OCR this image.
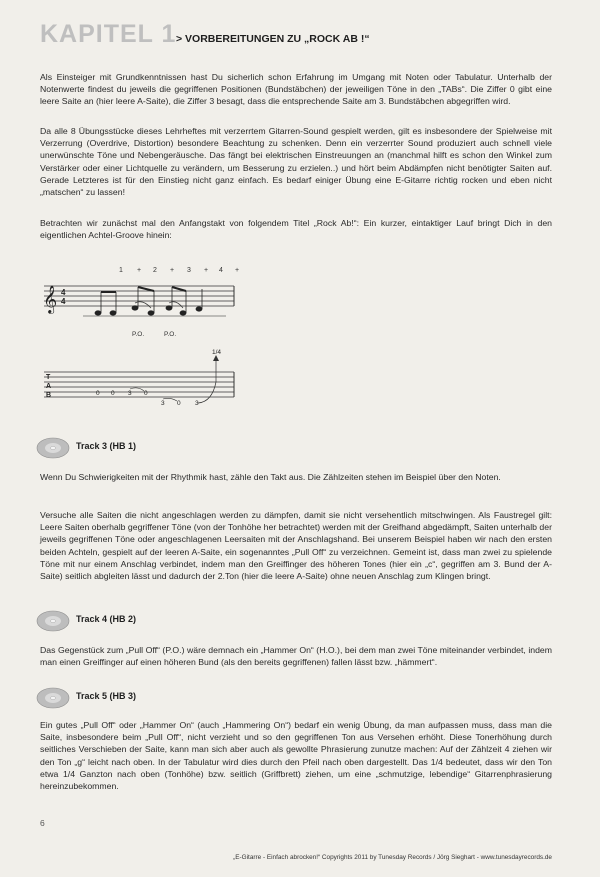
KAPITEL 1 > VORBEREITUNGEN ZU „ROCK AB !“

Als Einsteiger mit Grundkenntnissen hast Du sicherlich schon Erfahrung im Umgang mit Noten oder Tabulatur. Unterhalb der Notenwerte findest du jeweils die gegriffenen Positionen (Bundstäbchen) der jeweiligen Töne in den „TABs“. Die Ziffer 0 gibt eine leere Saite an (hier leere A-Saite), die Ziffer 3 besagt, dass die entsprechende Saite am 3. Bundstäbchen abgegriffen wird.

Da alle 8 Übungsstücke dieses Lehrheftes mit verzerrtem Gitarren-Sound gespielt werden, gilt es insbesondere der Spielweise mit Verzerrung (Overdrive, Distortion) besondere Beachtung zu schenken. Denn ein verzerrter Sound produziert auch schnell viele unerwünschte Töne und Nebengeräusche. Das fängt bei elektrischen Einstreuungen an (manchmal hilft es schon den Winkel zum Verstärker oder einer Lichtquelle zu verändern, um Besserung zu erzielen..) und hört beim Abdämpfen nicht benötigter Saiten auf. Gerade Letzteres ist für den Einstieg nicht ganz einfach. Es bedarf einiger Übung eine E-Gitarre richtig rocken und eben nicht „matschen“ zu lassen!

Betrachten wir zunächst mal den Anfangstakt von folgendem Titel „Rock Ab!“: Ein kurzer, eintaktiger Lauf bringt Dich in den eigentlichen Achtel-Groove hinein:

1 + 2 + 3 + 4 +
𝄞 4
4
P.O.	P.O.
T
A
B	0 0 3 0
3 0 3
1/4
Track 3 (HB 1)

Wenn Du Schwierigkeiten mit der Rhythmik hast, zähle den Takt aus. Die Zählzeiten stehen im Beispiel über den Noten.

Versuche alle Saiten die nicht angeschlagen werden zu dämpfen, damit sie nicht versehentlich mitschwingen. Als Faustregel gilt: Leere Saiten oberhalb gegriffener Töne (von der Tonhöhe her betrachtet) werden mit der Greifhand abgedämpft, Saiten unterhalb der jeweils gegriffenen Töne oder angeschlagenen Leersaiten mit der Anschlagshand. Bei unserem Beispiel haben wir nach den ersten beiden Achteln, gespielt auf der leeren A-Saite, ein sogenanntes „Pull Off“ zu verzeichnen. Gemeint ist, dass man zwei zu spielende Töne mit nur einem Anschlag verbindet, indem man den Greiffinger des höheren Tones (hier ein „c“, gegriffen am 3. Bund der A-Saite) seitlich abgleiten lässt und dadurch der 2.Ton (hier die leere A-Saite) ohne neuen Anschlag zum Klingen bringt.

Track 4 (HB 2)

Das Gegenstück zum „Pull Off“ (P.O.) wäre demnach ein „Hammer On“ (H.O.), bei dem man zwei Töne miteinander verbindet, indem man einen Greiffinger auf einen höheren Bund (als den bereits gegriffenen) fallen lässt bzw. „hämmert“.

Track 5 (HB 3)

Ein gutes „Pull Off“ oder „Hammer On“ (auch „Hammering On“) bedarf ein wenig Übung, da man aufpassen muss, dass man die Saite, insbesondere beim „Pull Off“, nicht verzieht und so den gegriffenen Ton aus Versehen erhöht. Diese Tonerhöhung durch seitliches Verschieben der Saite, kann man sich aber auch als gewollte Phrasierung zunutze machen: Auf der Zählzeit 4 ziehen wir den Ton „g“ leicht nach oben. In der Tabulatur wird dies durch den Pfeil nach oben dargestellt. Das 1/4 bedeutet, dass wir den Ton etwa 1/4 Ganzton nach oben (Tonhöhe) bzw. seitlich (Griffbrett) ziehen, um eine „schmutzige, lebendige“ Gitarrenphrasierung hereinzubekommen.

6
„E-Gitarre - Einfach abrocken!“ Copyrights 2011 by Tunesday Records / Jörg Sieghart - www.tunesdayrecords.de
